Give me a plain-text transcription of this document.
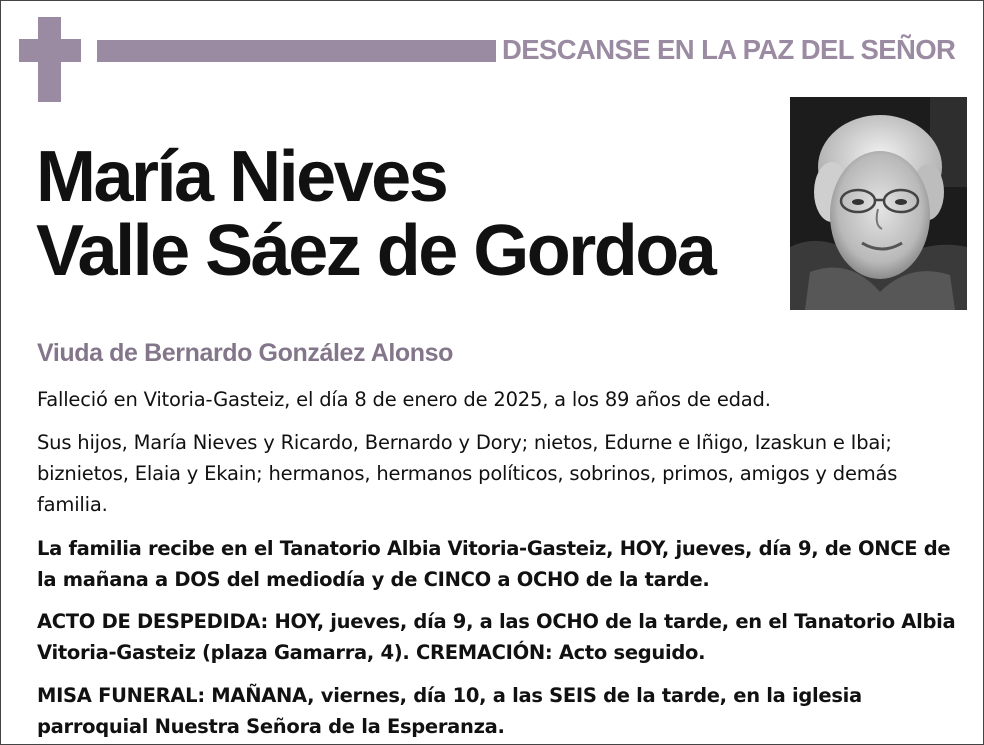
DESCANSE EN LA PAZ DEL SEÑOR
María Nieves
Valle Sáez de Gordoa
Viuda de Bernardo González Alonso
Falleció en Vitoria-Gasteiz, el día 8 de enero de 2025, a los 89 años de edad.
Sus hijos, María Nieves y Ricardo, Bernardo y Dory; nietos, Edurne e Iñigo, Izaskun e Ibai; biznietos, Elaia y Ekain; hermanos, hermanos políticos, sobrinos, primos, amigos y demás familia.
La familia recibe en el Tanatorio Albia Vitoria-Gasteiz, HOY, jueves, día 9, de ONCE de la mañana a DOS del mediodía y de CINCO a OCHO de la tarde.
ACTO DE DESPEDIDA: HOY, jueves, día 9, a las OCHO de la tarde, en el Tanatorio Albia Vitoria-Gasteiz (plaza Gamarra, 4). CREMACIÓN: Acto seguido.
MISA FUNERAL: MAÑANA, viernes, día 10, a las SEIS de la tarde, en la iglesia parroquial Nuestra Señora de la Esperanza.
